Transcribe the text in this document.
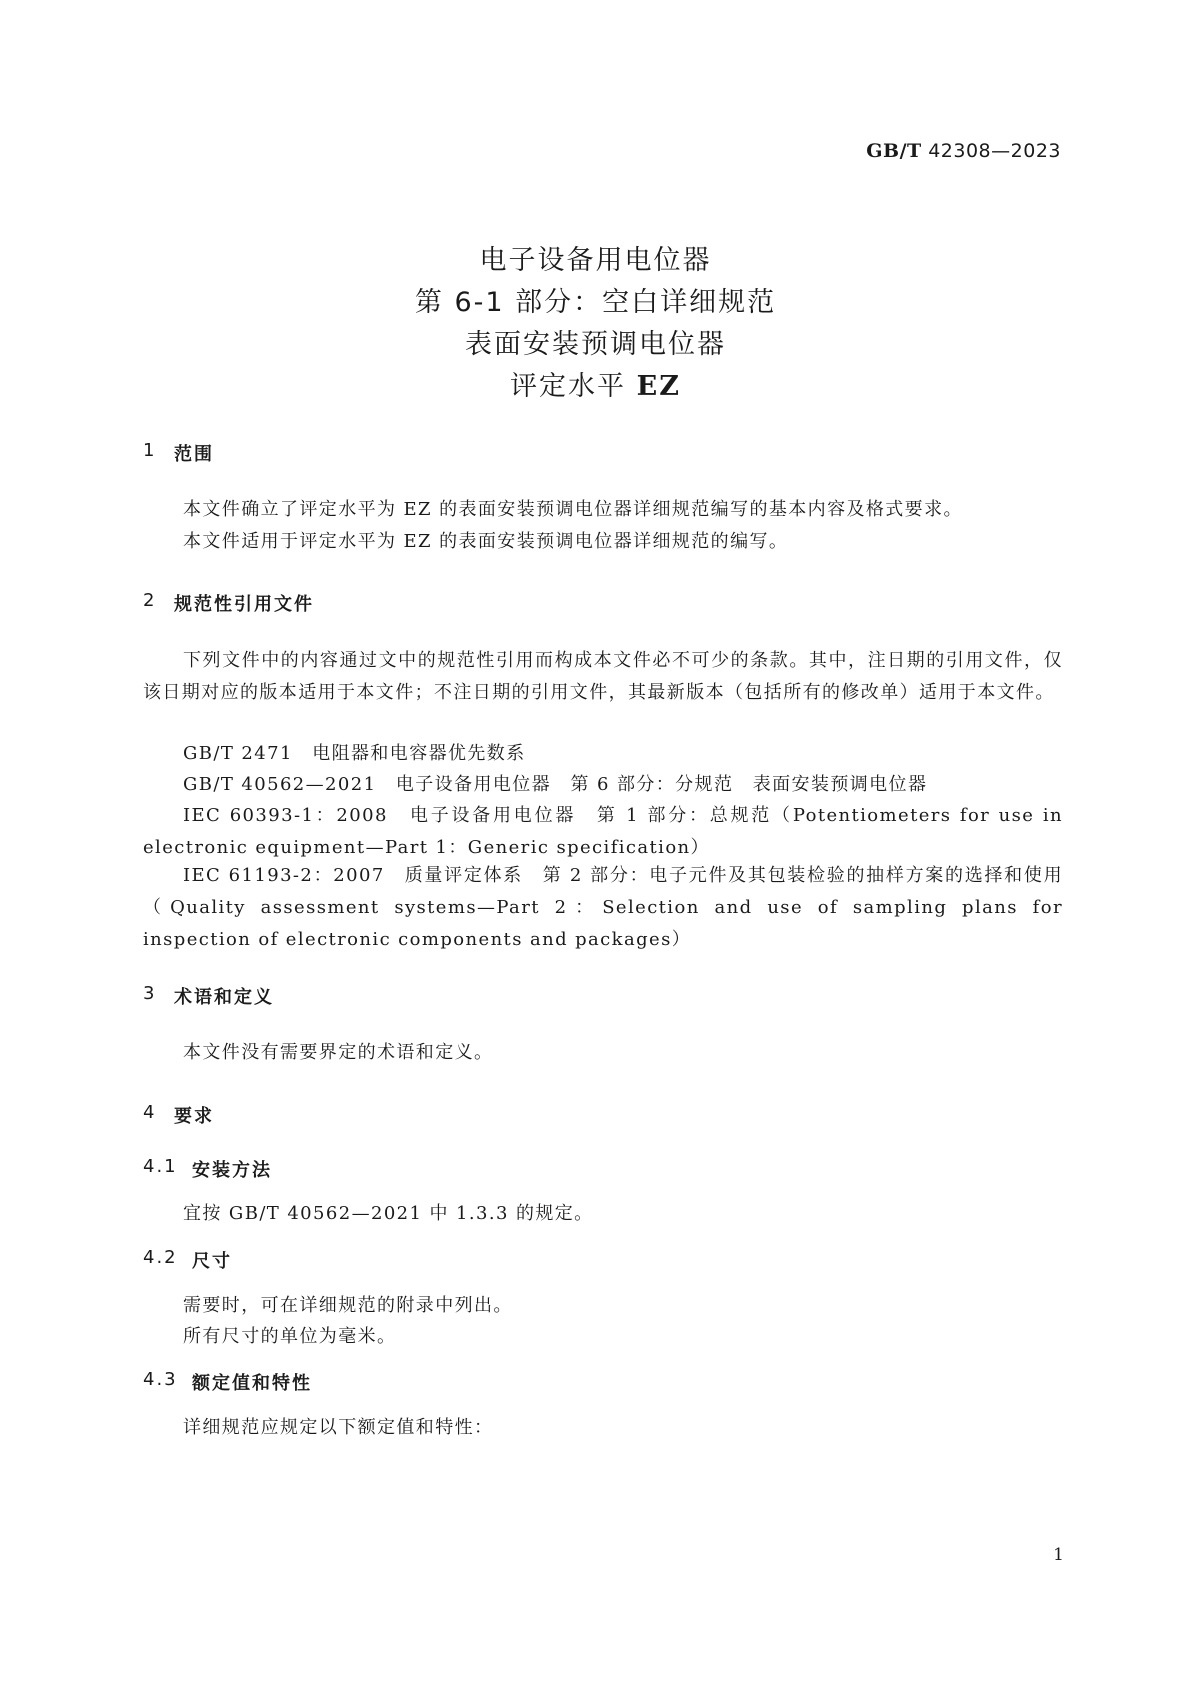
GB/T 42308—2023

电子设备用电位器

第 6-1 部分：空白详细规范

表面安装预调电位器

评定水平 EZ

1 范围

本文件确立了评定水平为 EZ 的表面安装预调电位器详细规范编写的基本内容及格式要求。

本文件适用于评定水平为 EZ 的表面安装预调电位器详细规范的编写。

2 规范性引用文件

下列文件中的内容通过文中的规范性引用而构成本文件必不可少的条款。其中，注日期的引用文件，仅该日期对应的版本适用于本文件；不注日期的引用文件，其最新版本（包括所有的修改单）适用于本文件。

GB/T 2471　电阻器和电容器优先数系

GB/T 40562—2021　电子设备用电位器　第 6 部分：分规范　表面安装预调电位器

IEC 60393-1：2008　电子设备用电位器　第 1 部分：总规范（Potentiometers for use in electronic equipment—Part 1：Generic specification）

IEC 61193-2：2007　质量评定体系　第 2 部分：电子元件及其包装检验的抽样方案的选择和使用（Quality assessment systems—Part 2：Selection and use of sampling plans for inspection of electronic components and packages）

3 术语和定义

本文件没有需要界定的术语和定义。

4 要求
4.1 安装方法

宜按 GB/T 40562—2021 中 1.3.3 的规定。

4.2 尺寸

需要时，可在详细规范的附录中列出。

所有尺寸的单位为毫米。

4.3 额定值和特性

详细规范应规定以下额定值和特性：

1
